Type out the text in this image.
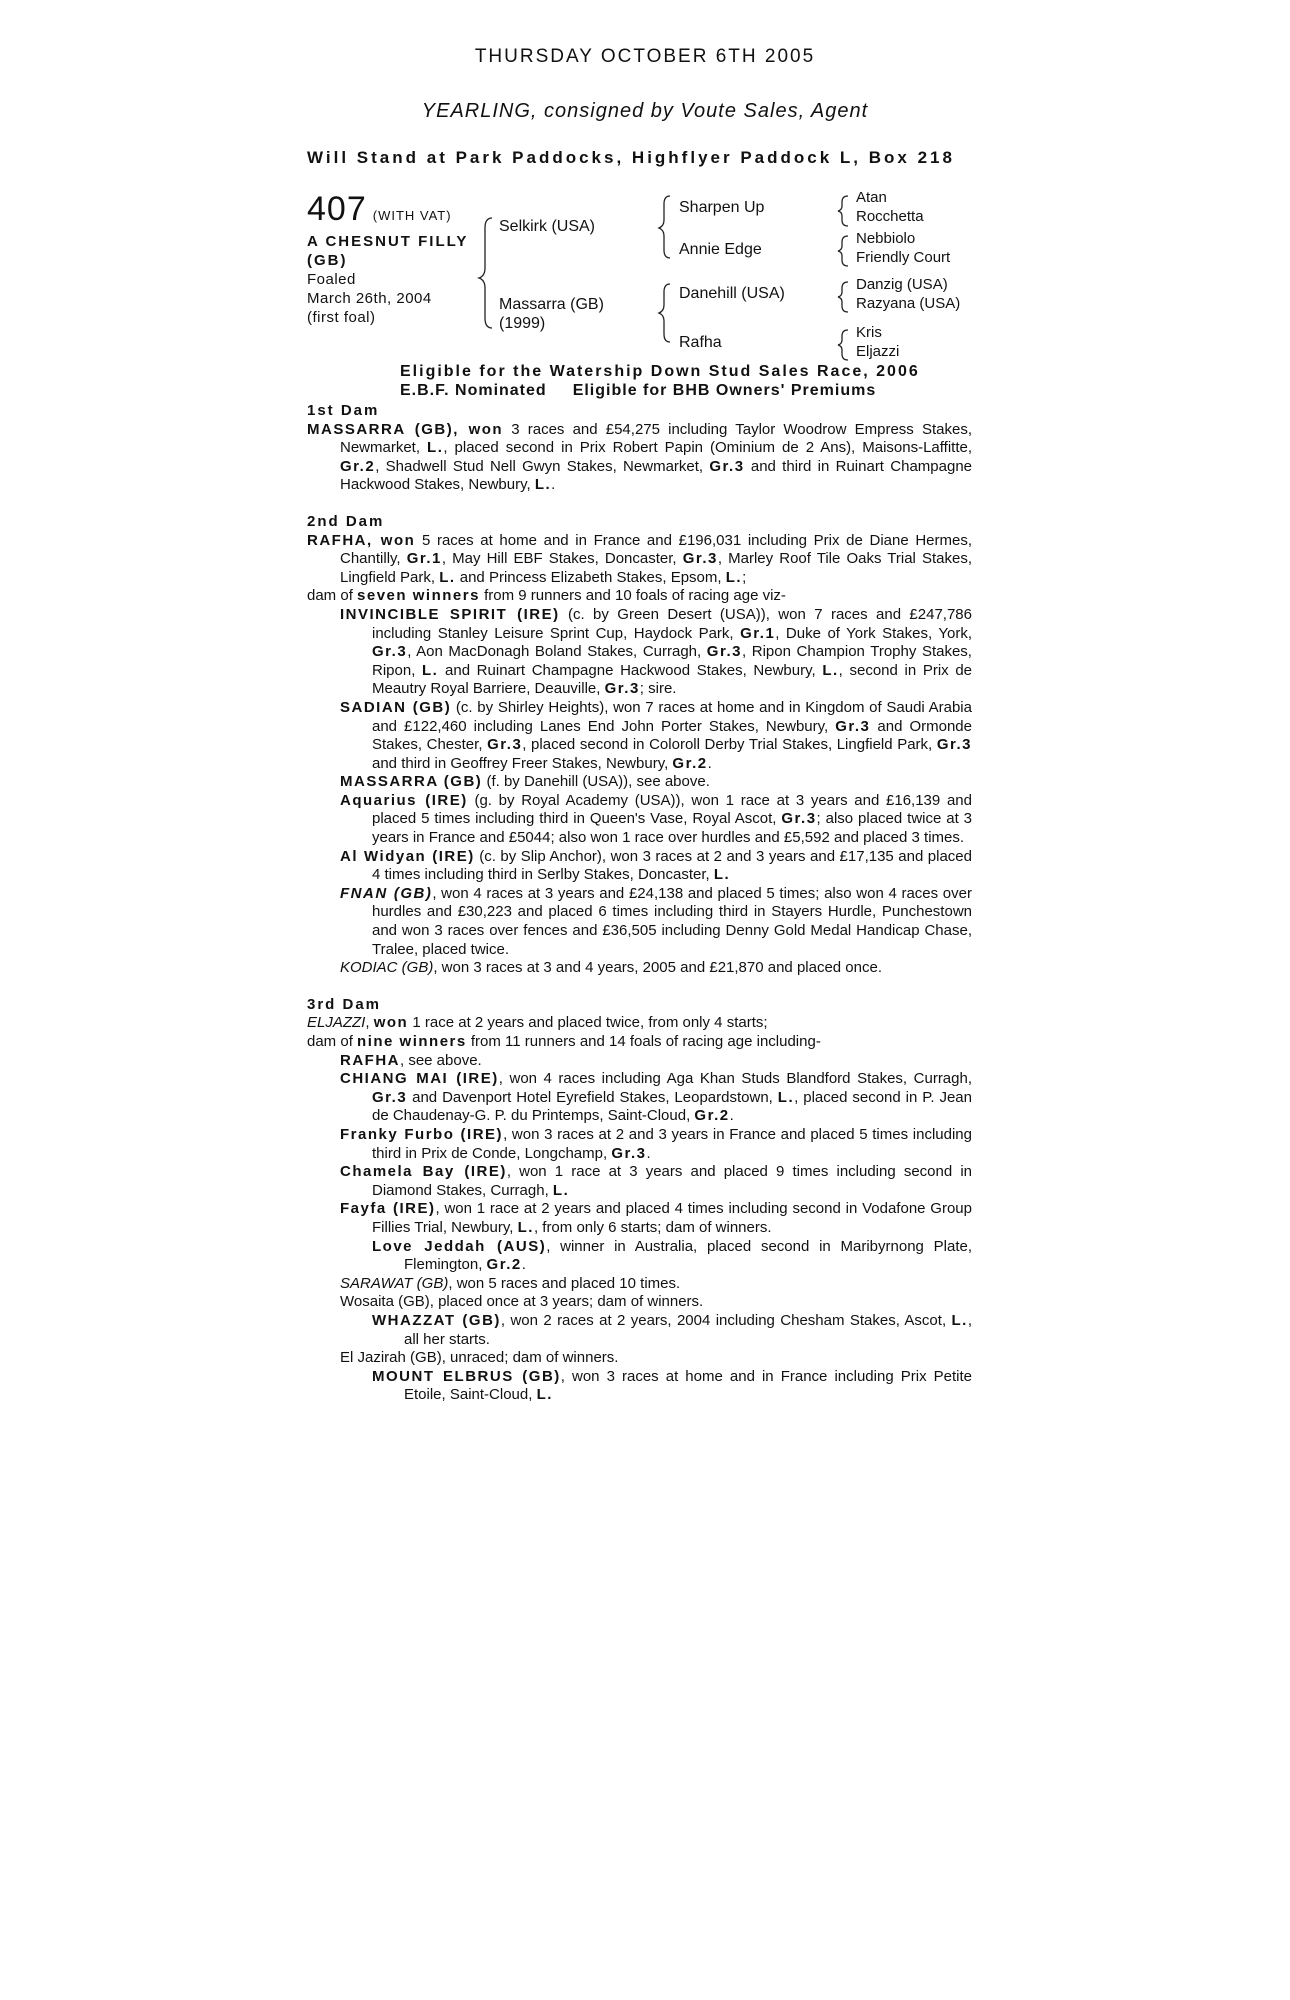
THURSDAY OCTOBER 6TH 2005
YEARLING, consigned by Voute Sales, Agent
Will Stand at Park Paddocks, Highflyer Paddock L, Box 218
407 (WITH VAT)
A CHESNUT FILLY (GB)
Foaled
March 26th, 2004
(first foal)
Selkirk (USA)
Massarra (GB)
(1999)
Sharpen Up
Annie Edge
Danehill (USA)
Rafha
Atan
Rocchetta
Nebbiolo
Friendly Court
Danzig (USA)
Razyana (USA)
Kris
Eljazzi
Eligible for the Watership Down Stud Sales Race, 2006
E.B.F. Nominated Eligible for BHB Owners' Premiums

1st Dam

MASSARRA (GB), won 3 races and £54,275 including Taylor Woodrow Empress Stakes, Newmarket, L., placed second in Prix Robert Papin (Ominium de 2 Ans), Maisons-Laffitte, Gr.2, Shadwell Stud Nell Gwyn Stakes, Newmarket, Gr.3 and third in Ruinart Champagne Hackwood Stakes, Newbury, L..

2nd Dam

RAFHA, won 5 races at home and in France and £196,031 including Prix de Diane Hermes, Chantilly, Gr.1, May Hill EBF Stakes, Doncaster, Gr.3, Marley Roof Tile Oaks Trial Stakes, Lingfield Park, L. and Princess Elizabeth Stakes, Epsom, L.;

dam of seven winners from 9 runners and 10 foals of racing age viz-

INVINCIBLE SPIRIT (IRE) (c. by Green Desert (USA)), won 7 races and £247,786 including Stanley Leisure Sprint Cup, Haydock Park, Gr.1, Duke of York Stakes, York, Gr.3, Aon MacDonagh Boland Stakes, Curragh, Gr.3, Ripon Champion Trophy Stakes, Ripon, L. and Ruinart Champagne Hackwood Stakes, Newbury, L., second in Prix de Meautry Royal Barriere, Deauville, Gr.3; sire.

SADIAN (GB) (c. by Shirley Heights), won 7 races at home and in Kingdom of Saudi Arabia and £122,460 including Lanes End John Porter Stakes, Newbury, Gr.3 and Ormonde Stakes, Chester, Gr.3, placed second in Coloroll Derby Trial Stakes, Lingfield Park, Gr.3 and third in Geoffrey Freer Stakes, Newbury, Gr.2.

MASSARRA (GB) (f. by Danehill (USA)), see above.

Aquarius (IRE) (g. by Royal Academy (USA)), won 1 race at 3 years and £16,139 and placed 5 times including third in Queen's Vase, Royal Ascot, Gr.3; also placed twice at 3 years in France and £5044; also won 1 race over hurdles and £5,592 and placed 3 times.

Al Widyan (IRE) (c. by Slip Anchor), won 3 races at 2 and 3 years and £17,135 and placed 4 times including third in Serlby Stakes, Doncaster, L.

FNAN (GB), won 4 races at 3 years and £24,138 and placed 5 times; also won 4 races over hurdles and £30,223 and placed 6 times including third in Stayers Hurdle, Punchestown and won 3 races over fences and £36,505 including Denny Gold Medal Handicap Chase, Tralee, placed twice.

KODIAC (GB), won 3 races at 3 and 4 years, 2005 and £21,870 and placed once.

3rd Dam

ELJAZZI, won 1 race at 2 years and placed twice, from only 4 starts;

dam of nine winners from 11 runners and 14 foals of racing age including-

RAFHA, see above.

CHIANG MAI (IRE), won 4 races including Aga Khan Studs Blandford Stakes, Curragh, Gr.3 and Davenport Hotel Eyrefield Stakes, Leopardstown, L., placed second in P. Jean de Chaudenay-G. P. du Printemps, Saint-Cloud, Gr.2.

Franky Furbo (IRE), won 3 races at 2 and 3 years in France and placed 5 times including third in Prix de Conde, Longchamp, Gr.3.

Chamela Bay (IRE), won 1 race at 3 years and placed 9 times including second in Diamond Stakes, Curragh, L.

Fayfa (IRE), won 1 race at 2 years and placed 4 times including second in Vodafone Group Fillies Trial, Newbury, L., from only 6 starts; dam of winners.

Love Jeddah (AUS), winner in Australia, placed second in Maribyrnong Plate, Flemington, Gr.2.

SARAWAT (GB), won 5 races and placed 10 times.

Wosaita (GB), placed once at 3 years; dam of winners.

WHAZZAT (GB), won 2 races at 2 years, 2004 including Chesham Stakes, Ascot, L., all her starts.

El Jazirah (GB), unraced; dam of winners.

MOUNT ELBRUS (GB), won 3 races at home and in France including Prix Petite Etoile, Saint-Cloud, L.
